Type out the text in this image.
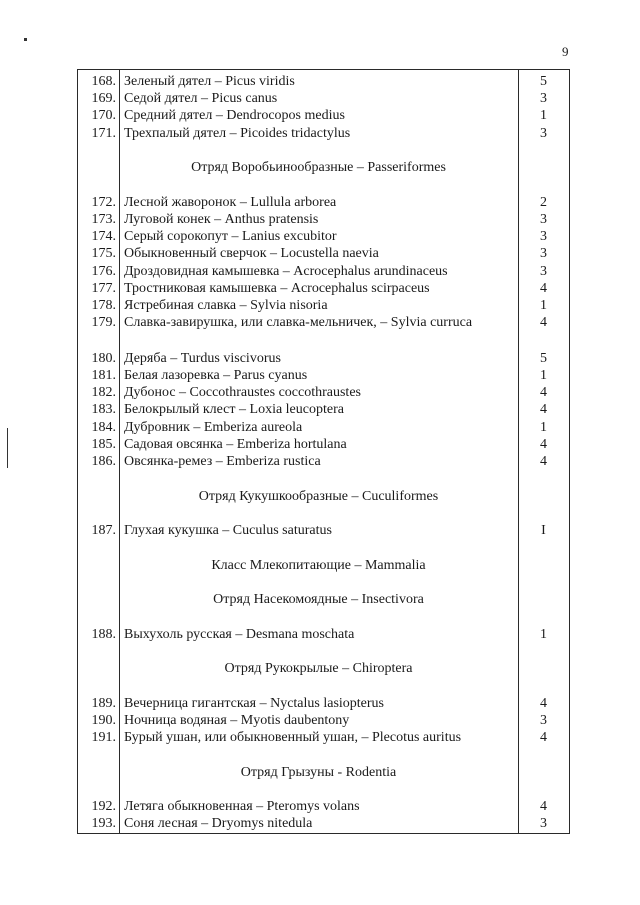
9
168. Зеленый дятел – Picus viridis	5
169. Седой дятел – Picus canus	3
170. Средний дятел – Dendrocopos medius	1
171. Трехпалый дятел – Picoides tridactylus	3
Отряд Воробьинообразные – Passeriformes
172. Лесной жаворонок – Lullula arborea	2
173. Луговой конек – Anthus pratensis	3
174. Серый сорокопут – Lanius excubitor	3
175. Обыкновенный сверчок – Locustella naevia	3
176. Дроздовидная камышевка – Acrocephalus arundinaceus	3
177. Тростниковая камышевка – Acrocephalus scirpaceus	4
178. Ястребиная славка – Sylvia nisoria	1
179. Славка-завирушка, или славка-мельничек, – Sylvia curruca	4
180. Деряба – Turdus viscivorus	5
181. Белая лазоревка – Parus cyanus	1
182. Дубонос – Coccothraustes coccothraustes	4
183. Белокрылый клест – Loxia leucoptera	4
184. Дубровник – Emberiza aureola	1
185. Садовая овсянка – Emberiza hortulana	4
186. Овсянка-ремез – Emberiza rustica	4
Отряд Кукушкообразные – Cuculiformes
187. Глухая кукушка – Cuculus saturatus	I
Класс Млекопитающие – Mammalia
Отряд Насекомоядные – Insectivora
188. Выхухоль русская – Desmana moschata	1
Отряд Рукокрылые – Chiroptera
189. Вечерница гигантская – Nyctalus lasiopterus	4
190. Ночница водяная – Myotis daubentony	3
191. Бурый ушан, или обыкновенный ушан, – Plecotus auritus	4
Отряд Грызуны - Rodentia
192. Летяга обыкновенная – Pteromys volans	4
193. Соня лесная – Dryomys nitedula	3
